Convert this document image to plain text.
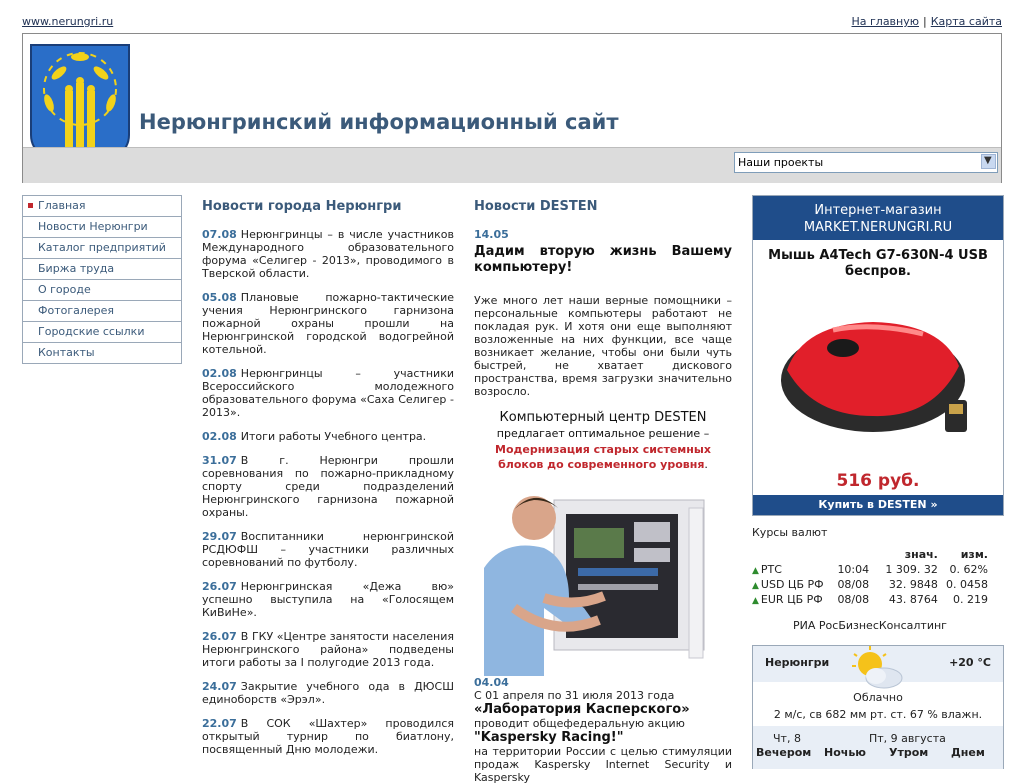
www.nerungri.ru	На главную | Карта сайта
Нерюнгринский информационный сайт
Наши проекты	▼
Главная
Новости Нерюнгри
Каталог предприятий
Биржа труда
О городе
Фотогалерея
Городские ссылки
Контакты
Новости города Нерюнгри
07.08 Нерюнгринцы – в числе участников Международного образовательного форума «Селигер - 2013», проводимого в Тверской области.
05.08 Плановые пожарно-тактические учения Нерюнгринского гарнизона пожарной охраны прошли на Нерюнгринской городской водогрейной котельной.
02.08 Нерюнгринцы – участники Всероссийского молодежного образовательного форума «Саха Селигер - 2013».
02.08 Итоги работы Учебного центра.
31.07 В г. Нерюнгри прошли соревнования по пожарно-прикладному спорту среди подразделений Нерюнгринского гарнизона пожарной охраны.
29.07 Воспитанники нерюнгринской РСДЮФШ – участники различных соревнований по футболу.
26.07 Нерюнгринская «Дежа вю» успешно выступила на «Голосящем КиВиНе».
26.07 В ГКУ «Центре занятости населения Нерюнгринского района» подведены итоги работы за I полугодие 2013 года.
24.07 Закрытие учебного ода в ДЮСШ единоборств «Эрэл».
22.07 В СОК «Шахтер» проводился открытый турнир по биатлону, посвященный Дню молодежи.
Новости DESTEN
14.05
Дадим вторую жизнь Вашему компьютеру!
Уже много лет наши верные помощники – персональные компьютеры работают не покладая рук. И хотя они еще выполняют возложенные на них функции, все чаще возникает желание, чтобы они были чуть быстрей, не хватает дискового пространства, время загрузки значительно возросло.
Компьютерный центр DESTEN
предлагает оптимальное решение –
Модернизация старых системных блоков до современного уровня.
04.04
С 01 апреля по 31 июля 2013 года
«Лаборатория Касперского»
проводит общефедеральную акцию
"Kaspersky Racing!"
на территории России с целью стимуляции продаж Kaspersky Internet Security и Kaspersky
Интернет-магазин
MARKET.NERUNGRI.RU
Мышь A4Tech G7-630N-4 USB беспров.
516 руб.
Купить в DESTEN »
Курсы валют
		знач.	изм.
▲ РТС	10:04	1 309. 32	0. 62%
▲ USD ЦБ РФ	08/08	32. 9848	0. 0458
▲ EUR ЦБ РФ	08/08	43. 8764	0. 219
РИА РосБизнесКонсалтинг
Нерюнгри	+20 °C
Облачно
2 м/с, св 682 мм рт. ст. 67 % влажн.
Чт, 8	Пт, 9 августа
Вечером Ночью Утром Днем
